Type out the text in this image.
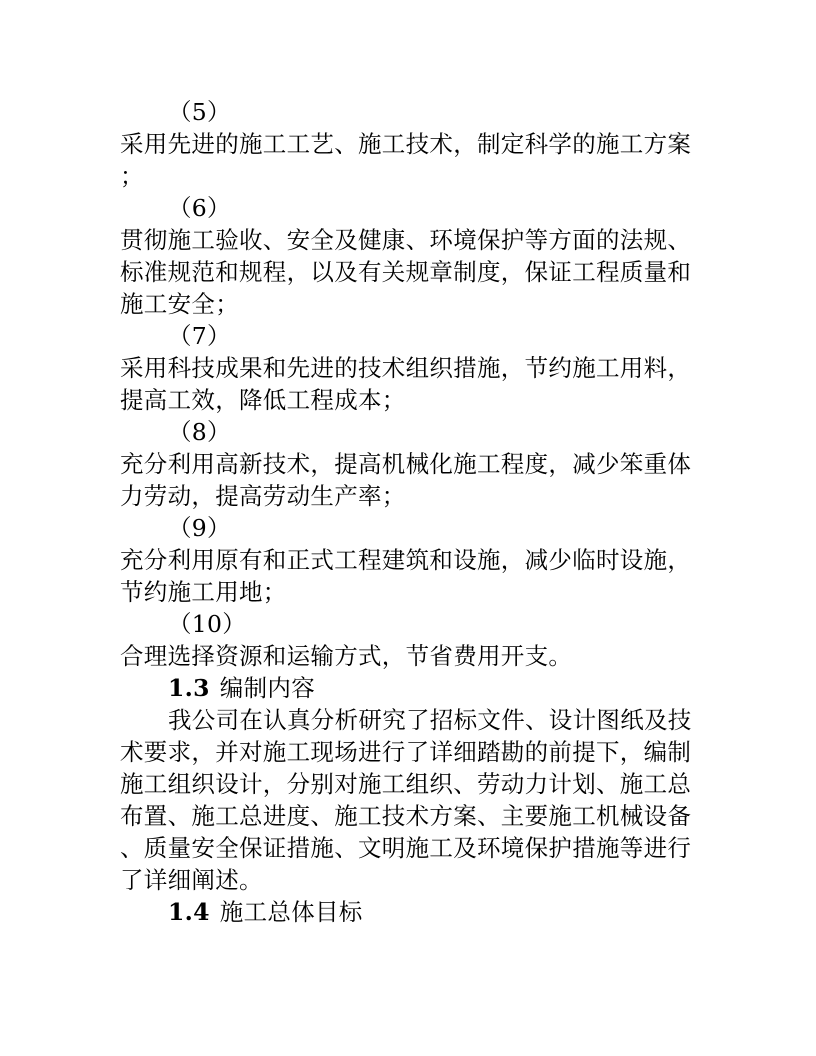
（5）
采用先进的施工工艺、施工技术，制定科学的施工方案
；
（6）
贯彻施工验收、安全及健康、环境保护等方面的法规、
标准规范和规程，以及有关规章制度，保证工程质量和
施工安全；
（7）
采用科技成果和先进的技术组织措施，节约施工用料，
提高工效，降低工程成本；
（8）
充分利用高新技术，提高机械化施工程度，减少笨重体
力劳动，提高劳动生产率；
（9）
充分利用原有和正式工程建筑和设施，减少临时设施，
节约施工用地；
（10）
合理选择资源和运输方式，节省费用开支。
1.3 编制内容
我公司在认真分析研究了招标文件、设计图纸及技
术要求，并对施工现场进行了详细踏勘的前提下，编制
施工组织设计，分别对施工组织、劳动力计划、施工总
布置、施工总进度、施工技术方案、主要施工机械设备
、质量安全保证措施、文明施工及环境保护措施等进行
了详细阐述。
1.4 施工总体目标
